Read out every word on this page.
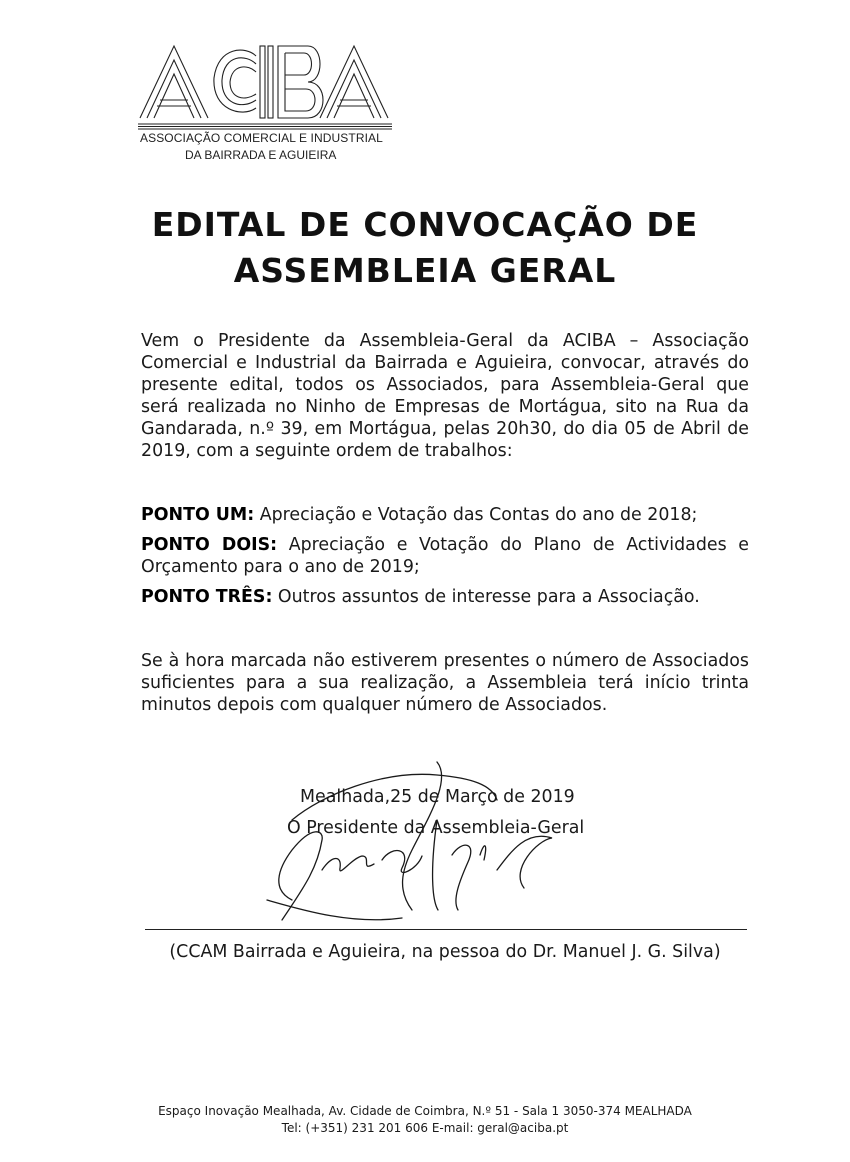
ASSOCIAÇÃO COMERCIAL E INDUSTRIAL
DA BAIRRADA E AGUIEIRA
EDITAL DE CONVOCAÇÃO DE
ASSEMBLEIA GERAL
Vem o Presidente da Assembleia-Geral da ACIBA – Associação Comercial e Industrial da Bairrada e Aguieira, convocar, através do presente edital, todos os Associados, para Assembleia-Geral que será realizada no Ninho de Empresas de Mortágua, sito na Rua da Gandarada, n.º 39, em Mortágua, pelas 20h30, do dia 05 de Abril de 2019, com a seguinte ordem de trabalhos:
PONTO UM: Apreciação e Votação das Contas do ano de 2018;
PONTO DOIS: Apreciação e Votação do Plano de Actividades e Orçamento para o ano de 2019;
PONTO TRÊS: Outros assuntos de interesse para a Associação.
Se à hora marcada não estiverem presentes o número de Associados suficientes para a sua realização, a Assembleia terá início trinta minutos depois com qualquer número de Associados.
Mealhada,25 de Março de 2019
O Presidente da Assembleia-Geral
(CCAM Bairrada e Aguieira, na pessoa do Dr. Manuel J. G. Silva)
Espaço Inovação Mealhada, Av. Cidade de Coimbra, N.º 51 - Sala 1 3050-374 MEALHADA
Tel: (+351) 231 201 606 E-mail: geral@aciba.pt
